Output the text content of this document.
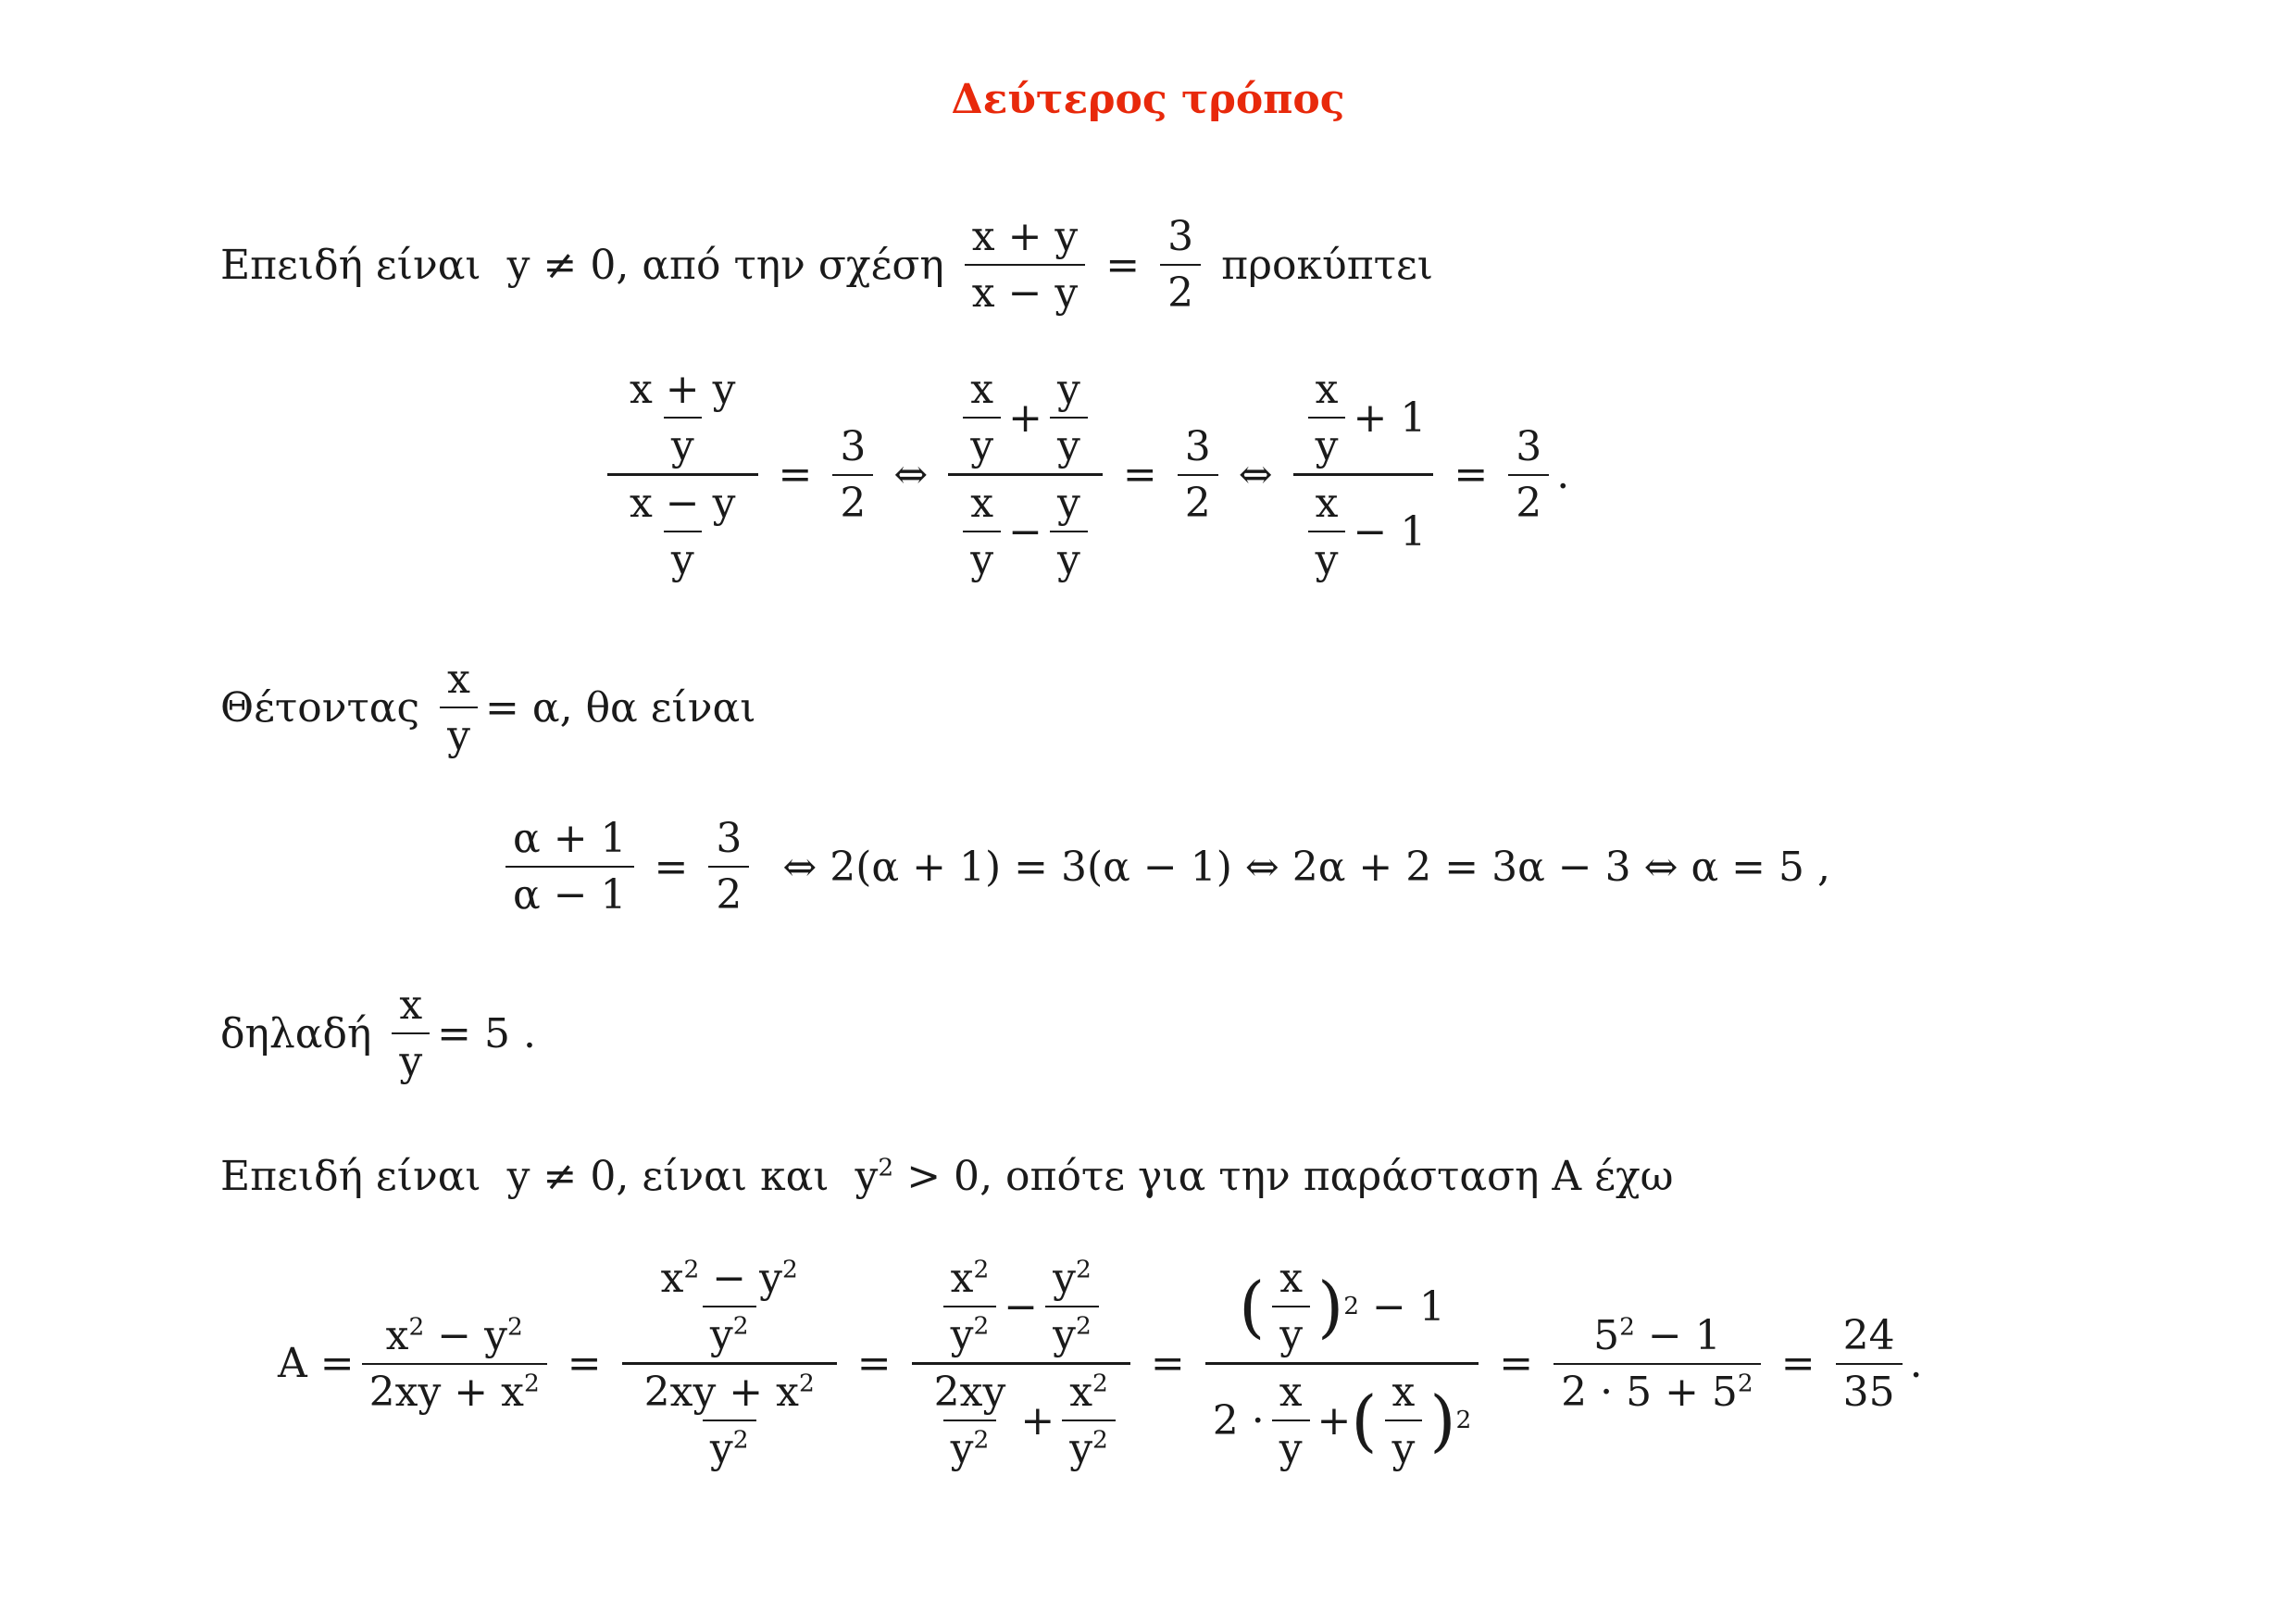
Δεύτερος τρόπος
Επειδή είναι
y ≠ 0 , από την σχέση
$\frac{x + y}{x - y} = \frac{3}{2}$
προκύπτει
$\frac{\frac{x + y}{y}}{\frac{x - y}{y}} = \frac{3}{2}$ ⇔ $\frac{\frac{x}{y} + \frac{y}{y}}{\frac{x}{y} - \frac{y}{y}} = \frac{3}{2}$ ⇔ $\frac{\frac{x}{y} + 1}{\frac{x}{y} - 1} = \frac{3}{2}$ .
Θέτοντας
$\frac{x}{y} = \alpha$ , θα είναι
$\frac{\alpha + 1}{\alpha - 1} = \frac{3}{2}$ ⇔ 2(α + 1) = 3(α − 1) ⇔ 2α + 2 = 3α − 3 ⇔ α = 5 ,
δηλαδή
$\frac{x}{y} = 5$ .
Επειδή είναι
y ≠ 0 , είναι και
$y^2$
> 0 , οπότε για την παράσταση Α έχω
$A = \frac{x^2 - y^2}{2xy + x^2} = \frac{\frac{x^2 - y^2}{y^2}}{\frac{2xy + x^2}{y^2}} = \frac{\frac{x^2}{y^2} - \frac{y^2}{y^2}}{\frac{2xy}{y^2} + \frac{x^2}{y^2}} = \frac{( \frac{x}{y} ) 2 - 1}{2 \cdot \frac{x}{y} + ( \frac{x}{y} ) 2} = \frac{5^2 - 1}{2 \cdot 5 + 5^2} = \frac{24}{35}$ .
